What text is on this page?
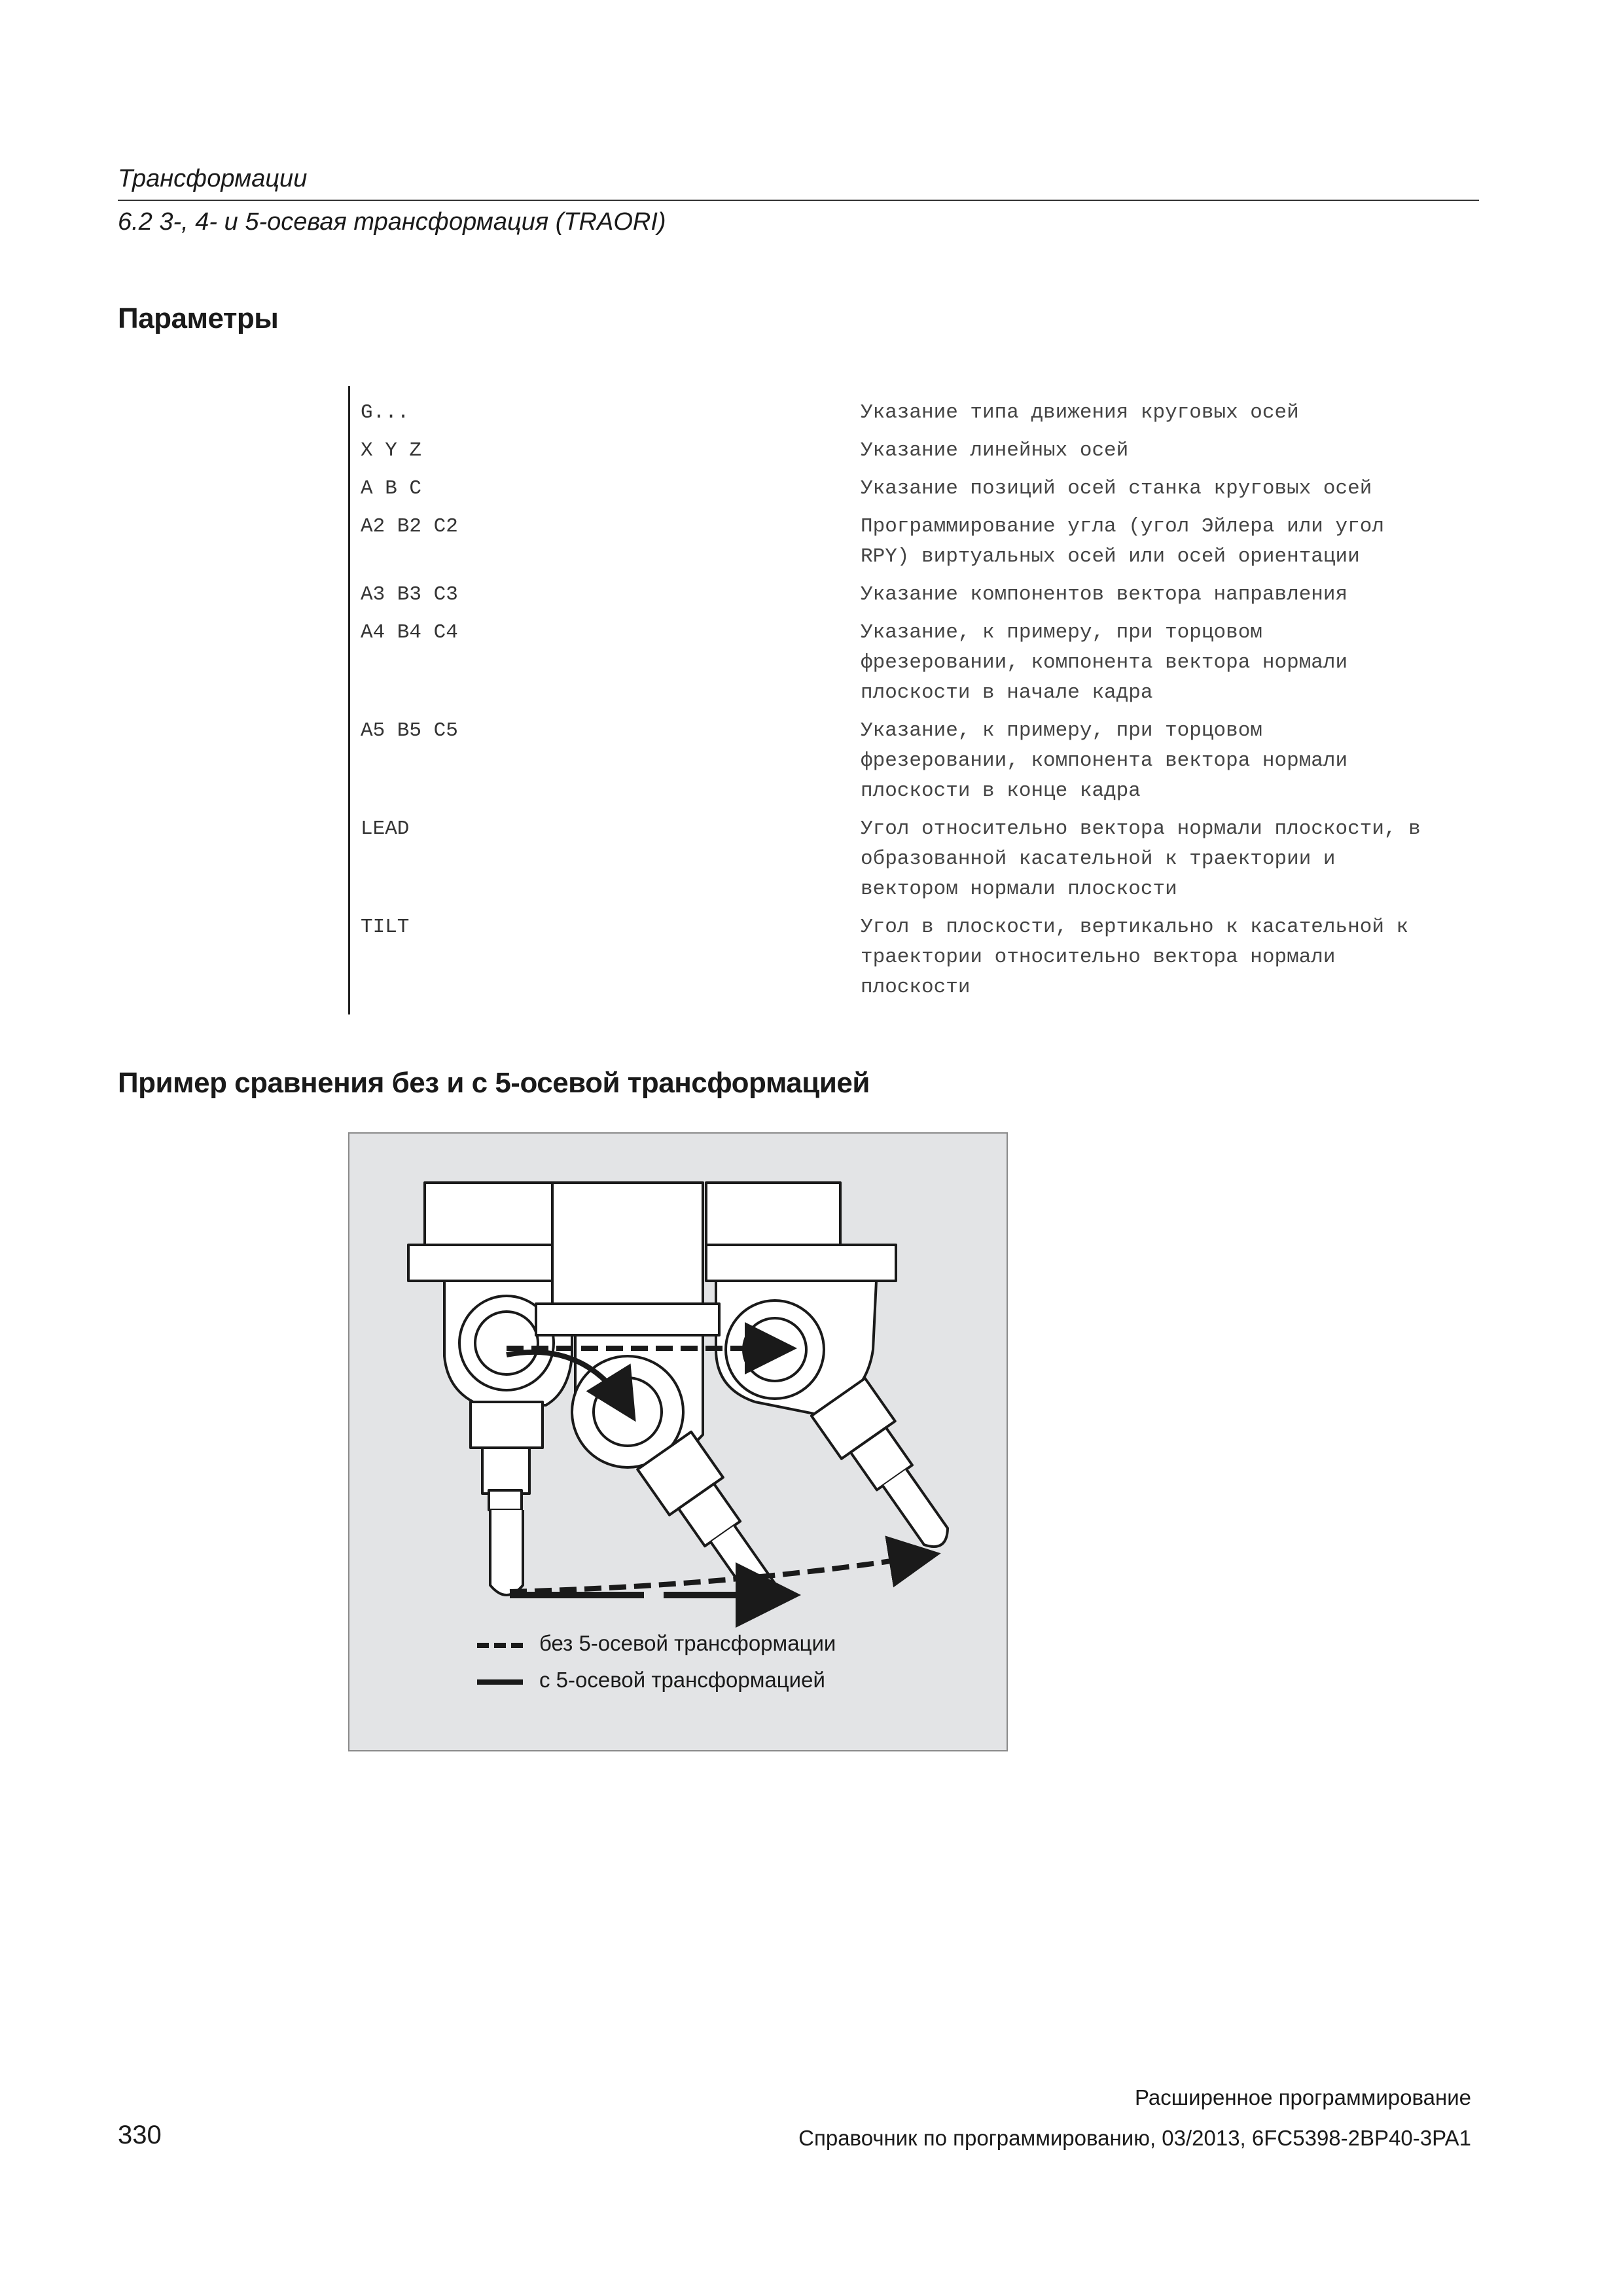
Трансформации
6.2 3-, 4- и 5-осевая трансформация (TRAORI)
Параметры
G...	Указание типа движения круговых осей
X Y Z	Указание линейных осей
A B C	Указание позиций осей станка круговых осей
A2 B2 C2	Программирование угла (угол Эйлера или угол
RPY) виртуальных осей или осей ориентации
A3 B3 C3	Указание компонентов вектора направления
A4 B4 C4	Указание, к примеру, при торцовом
фрезеровании, компонента вектора нормали
плоскости в начале кадра
A5 B5 C5	Указание, к примеру, при торцовом
фрезеровании, компонента вектора нормали
плоскости в конце кадра
LEAD	Угол относительно вектора нормали плоскости, в
образованной касательной к траектории и
вектором нормали плоскости
TILT	Угол в плоскости, вертикально к касательной к
траектории относительно вектора нормали
плоскости
Пример сравнения без и с 5-осевой трансформацией
без 5-осевой трансформации
с 5-осевой трансформацией
Расширенное программирование
330	Справочник по программированию, 03/2013, 6FC5398-2BP40-3PA1
